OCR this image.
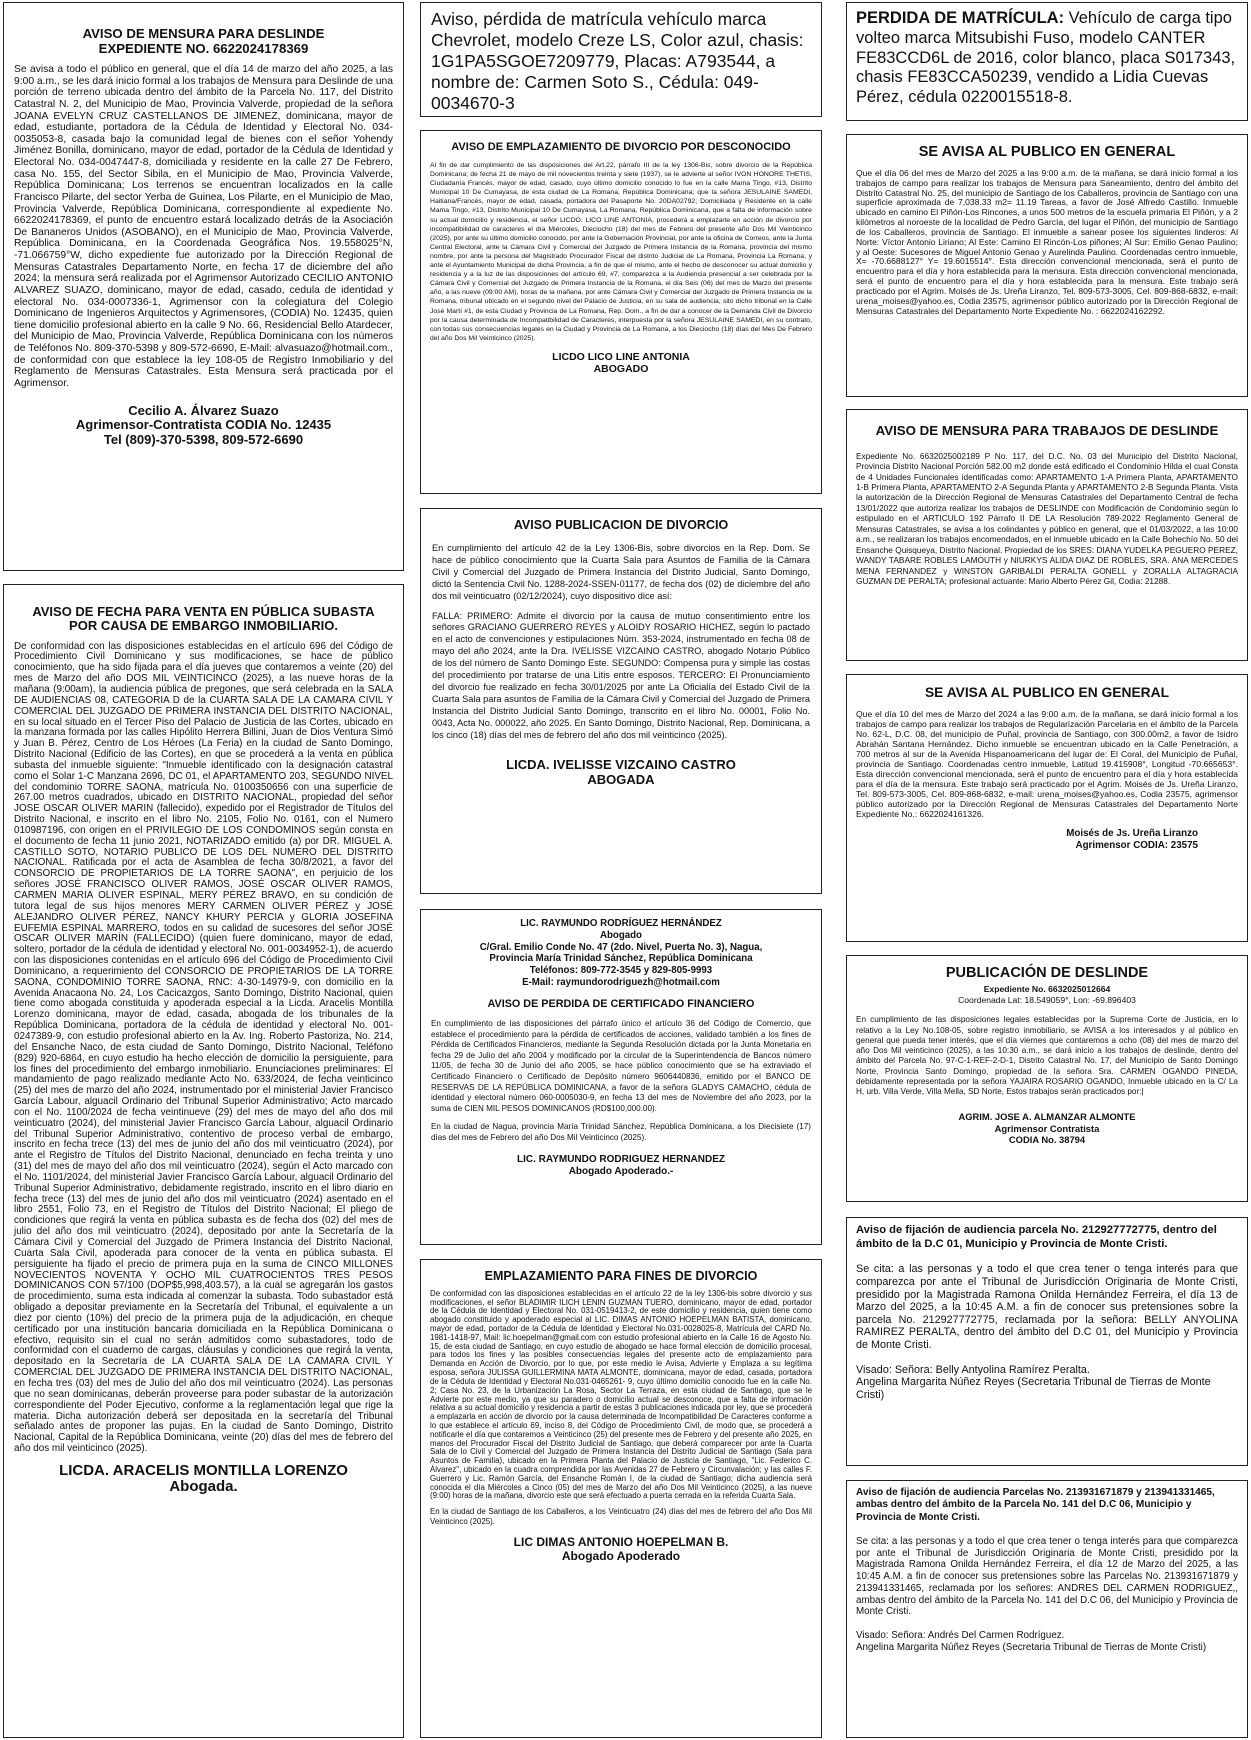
AVISO DE MENSURA PARA DESLINDE
EXPEDIENTE NO. 6622024178369
Se avisa a todo el público en general, que el día 14 de marzo del año 2025, a las 9:00 a.m., se les dará inicio formal a los trabajos de Mensura para Deslinde de una porción de terreno ubicada dentro del ámbito de la Parcela No. 117, del Distrito Catastral N. 2, del Municipio de Mao, Provincia Valverde, propiedad de la señora JOANA EVELYN CRUZ CASTELLANOS DE JIMENEZ, dominicana, mayor de edad, estudiante, portadora de la Cédula de Identidad y Electoral No. 034-0035053-8, casada bajo la comunidad legal de bienes con el señor Yohendy Jiménez Bonilla, dominicano, mayor de edad, portador de la Cédula de Identidad y Electoral No. 034-0047447-8, domiciliada y residente en la calle 27 De Febrero, casa No. 155, del Sector Sibila, en el Municipio de Mao, Provincia Valverde, República Dominicana; Los terrenos se encuentran localizados en la calle Francisco Pilarte, del sector Yerba de Guinea, Los Pilarte, en el Municipio de Mao, Provincia Valverde, República Dominicana, correspondiente al expediente No. 6622024178369, el punto de encuentro estará localizado detrás de la Asociación De Bananeros Unidos (ASOBANO), en el Municipio de Mao, Provincia Valverde, República Dominicana, en la Coordenada Geográfica Nos. 19.558025°N, -71.066759°W, dicho expediente fue autorizado por la Dirección Regional de Mensuras Catastrales Departamento Norte, en fecha 17 de diciembre del año 2024; la mensura será realizada por el Agrimensor Autorizado CECILIO ANTONIO ALVAREZ SUAZO, dominicano, mayor de edad, casado, cedula de identidad y electoral No. 034-0007336-1, Agrimensor con la colegiatura del Colegio Dominicano de Ingenieros Arquitectos y Agrimensores, (CODIA) No. 12435, quien tiene domicilio profesional abierto en la calle 9 No. 66, Residencial Bello Atardecer, del Municipio de Mao, Provincia Valverde, República Dominicana con los números de Teléfonos No. 809-370-5398 y 809-572-6690, E-Mail: alvasuazo@hotmail.com., de conformidad con que establece la ley 108-05 de Registro Inmobiliario y del Reglamento de Mensuras Catastrales. Esta Mensura será practicada por el Agrimensor.
Cecilio A. Álvarez Suazo
Agrimensor-Contratista CODIA No. 12435
Tel (809)-370-5398, 809-572-6690
AVISO DE FECHA PARA VENTA EN PÚBLICA SUBASTA
POR CAUSA DE EMBARGO INMOBILIARIO.
De conformidad con las disposiciones establecidas en el artículo 696 del Código de Procedimiento Civil Dominicano y sus modificaciones, se hace de público conocimiento, que ha sido fijada para el día jueves que contaremos a veinte (20) del mes de Marzo del año DOS MIL VEINTICINCO (2025), a las nueve horas de la mañana (9:00am), la audiencia pública de pregones, que será celebrada en la SALA DE AUDIENCIAS 08, CATEGORIA D de la CUARTA SALA DE LA CAMARA CIVIL Y COMERCIAL DEL JUZGADO DE PRIMERA INSTANCIA DEL DISTRITO NACIONAL, en su local situado en el Tercer Piso del Palacio de Justicia de las Cortes, ubicado en la manzana formada por las calles Hipólito Herrera Billini, Juan de Dios Ventura Simó y Juan B. Pérez, Centro de Los Héroes (La Feria) en la ciudad de Santo Domingo, Distrito Nacional (Edificio de las Cortes), en que se procederá a la venta en pública subasta del inmueble siguiente: "Inmueble identificado con la designación catastral como el Solar 1-C Manzana 2696, DC 01, el APARTAMENTO 203, SEGUNDO NIVEL del condominio TORRE SAONA, matrícula No. 0100350656 con una superficie de 267.00 metros cuadrados, ubicado en DISTRITO NACIONAL, propiedad del señor JOSE OSCAR OLIVER MARIN (fallecido), expedido por el Registrador de Títulos del Distrito Nacional, e inscrito en el libro No. 2105, Folio No. 0161, con el Numero 010987196, con origen en el PRIVILEGIO DE LOS CONDOMINOS según consta en el documento de fecha 11 junio 2021, NOTARIZADO emitido (a) por DR. MIGUEL A. CASTILLO SOTO, NOTARIO PUBLICO DE LOS DEL NUMERO DEL DISTRITO NACIONAL. Ratificada por el acta de Asamblea de fecha 30/8/2021, a favor del CONSORCIO DE PROPIETARIOS DE LA TORRE SAONA", en perjuicio de los señores JOSÉ FRANCISCO OLIVER RAMOS, JOSÉ OSCAR OLIVER RAMOS, CARMEN MARIA OLIVER ESPINAL, MERY PÉREZ BRAVO, en su condición de tutora legal de sus hijos menores MERY CARMEN OLIVER PÉREZ y JOSÉ ALEJANDRO OLIVER PÉREZ, NANCY KHURY PERCIA y GLORIA JOSEFINA EUFEMIA ESPINAL MARRERO, todos en su calidad de sucesores del señor JOSÉ OSCAR OLIVER MARÍN (FALLECIDO) (quien fuere dominicano, mayor de edad, soltero, portador de la cédula de identidad y electoral No. 001-0034952-1), de acuerdo con las disposiciones contenidas en el artículo 696 del Código de Procedimiento Civil Dominicano, a requerimiento del CONSORCIO DE PROPIETARIOS DE LA TORRE SAONA, CONDOMINIO TORRE SAONA, RNC: 4-30-14979-9, con domicilio en la Avenida Anacaona No. 24, Los Cacicazgos, Santo Domingo, Distrito Nacional, quien tiene como abogada constituida y apoderada especial a la Licda. Aracelis Montilla Lorenzo dominicana, mayor de edad, casada, abogada de los tribunales de la República Dominicana, portadora de la cédula de identidad y electoral No. 001-0247389-9, con estudio profesional abierto en la Av. Ing. Roberto Pastoriza, No. 214, del Ensanche Naco, de esta ciudad de Santo Domingo, Distrito Nacional, Teléfono (829) 920-6864, en cuyo estudio ha hecho elección de domicilio la persiguiente, para los fines del procedimiento del embargo inmobiliario. Enunciaciones preliminares: El mandamiento de pago realizado mediante Acto No. 633/2024, de fecha veinticinco (25) del mes de marzo del año 2024, instrumentado por el ministerial Javier Francisco García Labour, alguacil Ordinario del Tribunal Superior Administrativo; Acto marcado con el No. 1100/2024 de fecha veintinueve (29) del mes de mayo del año dos mil veinticuatro (2024), del ministerial Javier Francisco García Labour, alguacil Ordinario del Tribunal Superior Administrativo, contentivo de proceso verbal de embargo, inscrito en fecha trece (13) del mes de junio del año dos mil veinticuatro (2024), por ante el Registro de Títulos del Distrito Nacional, denunciado en fecha treinta y uno (31) del mes de mayo del año dos mil veinticuatro (2024), según el Acto marcado con el No. 1101/2024, del ministerial Javier Francisco García Labour, alguacil Ordinario del Tribunal Superior Administrativo, debidamente registrado, inscrito en el libro diario en fecha trece (13) del mes de junio del año dos mil veinticuatro (2024) asentado en el libro 2551, Folio 73, en el Registro de Títulos del Distrito Nacional; El pliego de condiciones que regirá la venta en pública subasta es de fecha dos (02) del mes de julio del año dos mil veinticuatro (2024), depositado por ante la Secretaría de la Cámara Civil y Comercial del Juzgado de Primera Instancia del Distrito Nacional, Cuarta Sala Civil, apoderada para conocer de la venta en pública subasta. El persiguiente ha fijado el precio de primera puja en la suma de CINCO MILLONES NOVECIENTOS NOVENTA Y OCHO MIL CUATROCIENTOS TRES PESOS DOMINICANOS CON 57/100 (DOP$5,998,403.57), a la cual se agregarán los gastos de procedimiento, suma esta indicada al comenzar la subasta. Todo subastador está obligado a depositar previamente en la Secretaría del Tribunal, el equivalente a un diez por ciento (10%) del precio de la primera puja de la adjudicación, en cheque certificado por una institución bancaria domiciliada en la República Dominicana o efectivo, requisito sin el cual no serán admitidos como subastadores, todo de conformidad con el cuaderno de cargas, cláusulas y condiciones que regirá la venta, depositado en la Secretaría de LA CUARTA SALA DE LA CAMARA CIVIL Y COMERCIAL DEL JUZGADO DE PRIMERA INSTANCIA DEL DISTRITO NACIONAL, en fecha tres (03) del mes de Julio del año dos mil veinticuatro (2024). Las personas que no sean dominicanas, deberán proveerse para poder subastar de la autorización correspondiente del Poder Ejecutivo, conforme a la reglamentación legal que rige la materia. Dicha autorización deberá ser depositada en la secretaría del Tribunal señalado antes de proponer las pujas. En la ciudad de Santo Domingo, Distrito Nacional, Capital de la República Dominicana, veinte (20) días del mes de febrero del año dos mil veinticinco (2025).
LICDA. ARACELIS MONTILLA LORENZO
Abogada.
Aviso, pérdida de matrícula vehículo marca Chevrolet, modelo Creze LS, Color azul, chasis: 1G1PA5SGOE7209779, Placas: A793544, a nombre de: Carmen Soto S., Cédula: 049-0034670-3
AVISO DE EMPLAZAMIENTO DE DIVORCIO POR DESCONOCIDO
Al fin de dar cumplimiento de las disposiciones del Art.22, párrafo III de la ley 1306-Bis, sobre divorcio de la República Dominicana; de fecha 21 de mayo de mil novecientos treinta y siete (1937), se le advierte al señor IVON HONORE THETIS, Ciudadanía Francés, mayor de edad, casado, cuyo último domicilio conocido lo fue en la calle Mama Tingo, #13, Distrito Municipal 10 De Cumayasa, de esta ciudad de La Romana, República Dominicana; que la señora JESULAINE SAMEDI, Haitiana/Francés, mayor de edad, casada, portadora del Pasaporte No. 20DA02792; Domiciliada y Residente en la calle Mama Tingo, #13, Distrito Municipal 10 De Cumayasa, La Romana, República Dominicana, que a falta de información sobre su actual domicilio y residencia, el señor LICDO. LICO LINE ANTONIA, procederá a emplazarle en acción de divorcio por incompatibilidad de caracteres el día Miércoles, Dieciocho (18) del mes de Febrero del presente año Dos Mil Veinticinco (2025), por ante su último domicilio conocido, por ante la Gobernación Provincial, por ante la oficina de Correos, ante la Junta Central Electoral, ante la Cámara Civil y Comercial del Juzgado de Primera Instancia de la Romana, provincia del mismo nombre, por ante la persona del Magistrado Procurador Fiscal del distrito Judicial de La Romana, Provincia La Romana, y ante el Ayuntamiento Municipal de dicha Provincia, a fin de que el mismo, ante el hecho de desconocer su actual domicilio y residencia y a la luz de las disposiciones del artículo 69, #7, comparezca a la Audiencia presencial a ser celebrada por la Cámara Civil y Comercial del Juzgado de Primera Instancia de la Romana, el día Seis (06) del mes de Marzo del presente año, a las nueve (09:00 AM), horas de la mañana, por ante Cámara Civil y Comercial del Juzgado de Primera Instancia de la Romana, tribunal ubicado en el segundo nivel del Palacio de Justicia, en su sala de audiencia, sito dicho tribunal en la Calle José Martí #1, de esta Ciudad y Provincia de La Romana, Rep. Dom., a fin de dar a conocer de la Demanda Civil de Divorcio por la causa determinada de Incompatibilidad de Caracteres, interpuesta por la señora JESULAINE SAMEDI, en su contrato, con todas sus consecuencias legales en la Ciudad y Provincia de La Romana, a los Dieciocho (18) días del Mes De Febrero del año Dos Mil Veinticinco (2025).
LICDO LICO LINE ANTONIA
ABOGADO
AVISO PUBLICACION DE DIVORCIO

En cumplimiento del artículo 42 de la Ley 1306-Bis, sobre divorcios en la Rep. Dom. Se hace de público conocimiento que la Cuarta Sala para Asuntos de Familia de la Cámara Civil y Comercial del Juzgado de Primera Instancia del Distrito Judicial, Santo Domingo, dictó la Sentencia Civil No. 1288-2024-SSEN-01177, de fecha dos (02) de diciembre del año dos mil veinticuatro (02/12/2024), cuyo dispositivo dice así:

FALLA: PRIMERO: Admite el divorcio por la causa de mutuo consentimiento entre los señores GRACIANO GUERRERO REYES y ALOIDY ROSARIO HICHEZ, según lo pactado en el acto de convenciones y estipulaciones Núm. 353-2024, instrumentado en fecha 08 de mayo del año 2024, ante la Dra. IVELISSE VIZCAINO CASTRO, abogado Notario Público de los del número de Santo Domingo Este. SEGUNDO: Compensa pura y simple las costas del procedimiento por tratarse de una Litis entre esposos. TERCERO: El Pronunciamiento del divorcio fue realizado en fecha 30/01/2025 por ante La Oficialía del Estado Civil de la Cuarta Sala para asuntos de Familia de la Cámara Civil y Comercial del Juzgado de Primera Instancia del Distrito Judicial Santo Domingo, transcrito en el libro No. 00001, Folio No. 0043, Acta No. 000022, año 2025. En Santo Domingo, Distrito Nacional, Rep. Dominicana, a los cinco (18) días del mes de febrero del año dos mil veinticinco (2025).

LICDA. IVELISSE VIZCAINO CASTRO
ABOGADA
LIC. RAYMUNDO RODRÍGUEZ HERNÁNDEZ
Abogado
C/Gral. Emilio Conde No. 47 (2do. Nivel, Puerta No. 3), Nagua,
Provincia María Trinidad Sánchez, República Dominicana
Teléfonos: 809-772-3545 y 829-805-9993
E-Mail: raymundorodriguezh@hotmail.com
AVISO DE PERDIDA DE CERTIFICADO FINANCIERO

En cumplimiento de las disposiciones del párrafo único el artículo 36 del Código de Comercio, que establece el procedimiento para la pérdida de certificados de acciones, validado también a los fines de Pérdida de Certificados Financieros, mediante la Segunda Resolución dictada por la Junta Monetaria en fecha 29 de Julio del año 2004 y modificado por la circular de la Superintendencia de Bancos número 11/05, de fecha 30 de Junio del año 2005, se hace público conocimiento que se ha extraviado el Certificado Financiero o Certificado de Depósito número 9606440836, emitido por el BANCO DE RESERVAS DE LA REPÚBLICA DOMINICANA, a favor de la señora GLADYS CAMACHO, cédula de identidad y electoral número 060-0005030-9, en fecha 13 del mes de Noviembre del año 2023, por la suma de CIEN MIL PESOS DOMINICANOS (RD$100,000.00).

En la ciudad de Nagua, provincia María Trinidad Sánchez, República Dominicana, a los Diecisiete (17) días del mes de Febrero del año Dos Mil Veinticinco (2025).

LIC. RAYMUNDO RODRIGUEZ HERNANDEZ
Abogado Apoderado.-
EMPLAZAMIENTO PARA FINES DE DIVORCIO

De conformidad con las disposiciones establecidas en el artículo 22 de la ley 1306-bis sobre divorcio y sus modificaciones, el señor BLADIMIR ILICH LENIN GUZMAN TUERO, dominicano, mayor de edad, portador de la Cédula de Identidad y Electoral No. 031-0519413-2, de este domicilio y residencia, quien tiene como abogado constituido y apoderado especial al LIC. DIMAS ANTONIO HOEPELMAN BATISTA, dominicano, mayor de edad, portador de la Cédula de Identidad y Electoral No.031-0028025-8, Matrícula del CARD No. 1981-1418-97, Mail: lic.hoepelman@gmail.com con estudio profesional abierto en la Calle 16 de Agosto No. 15, de esta ciudad de Santiago, en cuyo estudio de abogado se hace formal elección de domicilio procesal, para todos los fines y las posibles consecuencias legales del presente acto de emplazamiento para Demanda en Acción de Divorcio, por lo que, por este medio le Avisa, Advierte y Emplaza a su legítima esposa, señora JULISSA GUILLERMINA MATA ALMONTE, dominicana, mayor de edad, casada, portadora de la Cédula de Identidad y Electoral No.031-0465261- 9, cuyo último domicilio conocido fue en la calle No. 2; Casa No. 23, de la Urbanización La Rosa, Sector La Terraza, en esta ciudad de Santiago, que se le Advierte por este medio, ya que su paradero o domicilio actual se desconoce, que a falta de información relativa a su actual domicilio y residencia a partir de estas 3 publicaciones indicada por ley, que se procederá a emplazarla en acción de divorcio por la causa determinada de Incompatibilidad De Caracteres conforme a lo que establece el artículo 69, inciso 8, del Código de Procedimiento Civil, de modo que, se procederá a notificarle el día que contaremos a Veinticinco (25) del presente mes de Febrero y del presente año 2025, en manos del Procurador Fiscal del Distrito Judicial de Santiago, que deberá comparecer por ante la Cuarta Sala de lo Civil y Comercial del Juzgado de Primera Instancia del Distrito Judicial de Santiago (Sala para Asuntos de Familia), ubicado en la Primera Planta del Palacio de Justicia de Santiago, "Lic. Federico C. Álvarez", ubicado en la cuadra comprendida por las Avenidas 27 de Febrero y Circunvalación; y las calles F. Guerrero y Lic. Ramón García, del Ensanche Román I, de la ciudad de Santiago; dicha audiencia será conocida el día Miércoles a Cinco (05) del mes de Marzo del año Dos Mil Veinticinco (2025), a las nueve (9:00) horas de la mañana, divorcio este que será efectuado a puerta cerrada en la referida Cuarta Sala.

En la ciudad de Santiago de los Caballeros, a los Veinticuatro (24) días del mes de febrero del año Dos Mil Veinticinco (2025).

LIC DIMAS ANTONIO HOEPELMAN B.
Abogado Apoderado
PERDIDA DE MATRÍCULA: Vehículo de carga tipo volteo marca Mitsubishi Fuso, modelo CANTER FE83CCD6L de 2016, color blanco, placa S017343, chasis FE83CCA50239, vendido a Lidia Cuevas Pérez, cédula 0220015518-8.
SE AVISA AL PUBLICO EN GENERAL
Que el día 06 del mes de Marzo del 2025 a las 9:00 a.m. de la mañana, se dará inicio formal a los trabajos de campo para realizar los trabajos de Mensura para Saneamiento, dentro del ámbito del Distrito Catastral No. 25, del municipio de Santiago de los Caballeros, provincia de Santiago con una superficie aproximada de 7,038.33 m2= 11.19 Tareas, a favor de José Alfredo Castillo. Inmueble ubicado en camino El Piñón-Los Rincones, a unos 500 metros de la escuela primaria El Piñón, y a 2 kilómetros al noroeste de la localidad de Pedro García, del lugar el Piñón, del municipio de Santiago de los Caballeros, provincia de Santiago. El inmueble a sanear posee los siguientes linderos: Al Norte: Víctor Antonio Liriano; Al Este: Camino El Rincón-Los piñones; Al Sur: Emilio Genao Paulino; y al Oeste: Sucesores de Miguel Antonio Genao y Aurelinda Paulino. Coordenadas centro inmueble, X= -70.6688127° Y= 19.6015514°. Esta dirección convencional mencionada, será el punto de encuentro para el día y hora establecida para la mensura. Esta dirección convencional mencionada, será el punto de encuentro para el día y hora establecida para la mensura. Este trabajo será practicado por el Agrim. Moisés de Js. Ureña Liranzo, Tel. 809-573-3005, Cel. 809-868-6832, e-mail: urena_moises@yahoo.es, Codia 23575, agrimensor público autorizado por la Dirección Regional de Mensuras Catastrales del Departamento Norte Expediente No. : 6622024162292.
AVISO DE MENSURA PARA TRABAJOS DE DESLINDE
Expediente No. 6632025002189 P No. 117, del D.C. No. 03 del Municipio del Distrito Nacional, Provincia Distrito Nacional Porción 582.00 m2 donde está edificado el Condominio Hilda el cual Consta de 4 Unidades Funcionales identificadas como: APARTAMENTO 1-A Primera Planta, APARTAMENTO 1-B Primera Planta, APARTAMENTO 2-A Segunda Planta y APARTAMENTO 2-B Segunda Planta. Vista la autorización de la Dirección Regional de Mensuras Catastrales del Departamento Central de fecha 13/01/2022 que autoriza realizar los trabajos de DESLINDE con Modificación de Condominio según lo estipulado en el ARTICULO 192 Párrafo II DE LA Resolución 789-2022 Reglamento General de Mensuras Catastrales, se avisa a los colindantes y público en general, que el 01/03/2022, a las 10:00 a.m., se realizaran los trabajos encomendados, en el inmueble ubicado en la Calle Bohechío No. 50 del Ensanche Quisqueya, Distrito Nacional. Propiedad de los SRES: DIANA YUDELKA PEGUERO PEREZ, WANDY TABARE ROBLES LAMOUTH y NIURKYS ALIDA DIAZ DE ROBLES, SRA. ANA MERCEDES MENA FERNANDEZ y WINSTON GARIBALDI PERALTA GONELL y ZORALLA ALTAGRACIA GUZMAN DE PERALTA; profesional actuante: Mario Alberto Pérez Gil, Codia: 21288.
SE AVISA AL PUBLICO EN GENERAL
Que el día 10 del mes de Marzo del 2024 a las 9:00 a.m. de la mañana, se dará inicio formal a los trabajos de campo para realizar los trabajos de Regularización Parcelaria en el ámbito de la Parcela No. 62-L, D.C. 08, del municipio de Puñal, provincia de Santiago, con 300.00m2, a favor de Isidro Abrahán Santana Hernández. Dicho inmueble se encuentran ubicado en la Calle Penetración, a 700 metros al sur de la Avenida Hispanoamericana del lugar de: El Coral, del Municipio de Puñal, provincia de Santiago. Coordenadas centro inmueble, Latitud 19.415908°, Longitud -70.665653°. Esta dirección convencional mencionada, será el punto de encuentro para el día y hora establecida para el día de la mensura. Este trabajo será practicado por el Agrim. Moisés de Js. Ureña Liranzo, Tel. 809-573-3005, Cel. 809-868-6832, e-mail: urena_moises@yahoo.es, Codia 23575, agrimensor público autorizado por la Dirección Regional de Mensuras Catastrales del Departamento Norte Expediente No.: 6622024161326.
Moisés de Js. Ureña Liranzo
Agrimensor CODIA: 23575
PUBLICACIÓN DE DESLINDE
Expediente No. 6632025012664
Coordenada Lat: 18.549059°, Lon: -69.896403
En cumplimiento de las disposiciones legales establecidas por la Suprema Corte de Justicia, en lo relativo a la Ley No.108-05, sobre registro inmobiliario, se AVISA a los interesados y al público en general que pueda tener interés, que el día viernes que contaremos a ocho (08) del mes de marzo del año Dos Mil veinticinco (2025), a las 10:30 a.m., se dará inicio a los trabajos de deslinde, dentro del ámbito del Parcela No. 97-C-1-REF-2-D-1, Distrito Catastral No. 17, del Municipio de Santo Domingo Norte, Provincia Santo Domingo, propiedad de la señora Sra. CARMEN OGANDO PINEDA, debidamente representada por la señora YAJAIRA ROSARIO OGANDO, Inmueble ubicado en la C/ La H, urb. Villa Verde, Villa Mella, SD Norte, Estos trabajos serán practicados por:|
AGRIM. JOSE A. ALMANZAR ALMONTE
Agrimensor Contratista
CODIA No. 38794
Aviso de fijación de audiencia parcela No. 212927772775, dentro del ámbito de la D.C 01, Municipio y Provincia de Monte Cristi.

Se cita: a las personas y a todo el que crea tener o tenga interés para que comparezca por ante el Tribunal de Jurisdicción Originaria de Monte Cristi, presidido por la Magistrada Ramona Onilda Hernández Ferreira, el día 13 de Marzo del 2025, a la 10:45 A.M. a fin de conocer sus pretensiones sobre la parcela No. 212927772775, reclamada por la señora: BELLY ANYOLINA RAMIREZ PERALTA, dentro del ámbito del D.C 01, del Municipio y Provincia de Monte Cristi.

Visado: Señora: Belly Antyolina Ramírez Peralta.
Angelina Margarita Núñez Reyes (Secretaria Tribunal de Tierras de Monte Cristi)

Aviso de fijación de audiencia Parcelas No. 213931671879 y 213941331465, ambas dentro del ámbito de la Parcela No. 141 del D.C 06, Municipio y Provincia de Monte Cristi.

Se cita: a las personas y a todo el que crea tener o tenga interés para que comparezca por ante el Tribunal de Jurisdicción Originaria de Monte Cristi, presidido por la Magistrada Ramona Onilda Hernández Ferreira, el día 12 de Marzo del 2025, a las 10:45 A.M. a fin de conocer sus pretensiones sobre las Parcelas No. 213931671879 y 213941331465, reclamada por los señores: ANDRES DEL CARMEN RODRIGUEZ,, ambas dentro del ámbito de la Parcela No. 141 del D.C 06, del Municipio y Provincia de Monte Cristi.

Visado: Señora: Andrés Del Carmen Rodríguez.
Angelina Margarita Núñez Reyes (Secretaria Tribunal de Tierras de Monte Cristi)
